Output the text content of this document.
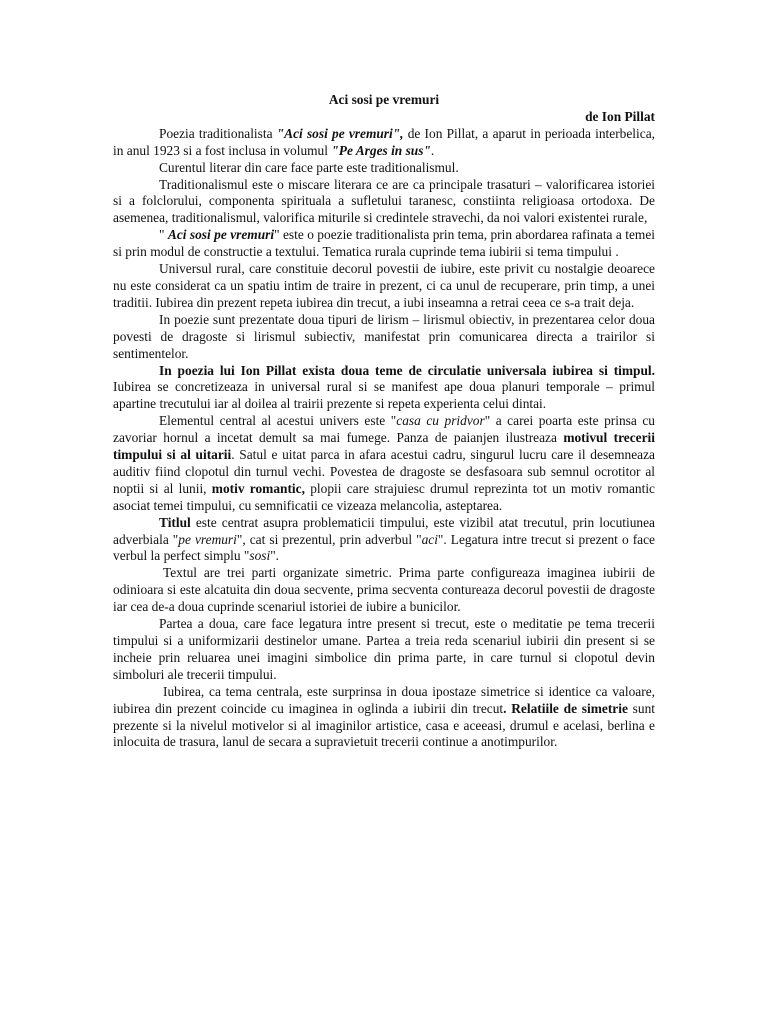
Aci sosi pe vremuri
de Ion Pillat

Poezia traditionalista "Aci sosi pe vremuri", de Ion Pillat, a aparut in perioada interbelica, in anul 1923 si a fost inclusa in volumul "Pe Arges in sus".

Curentul literar din care face parte este traditionalismul.

Traditionalismul este o miscare literara ce are ca principale trasaturi – valorificarea istoriei si a folclorului, componenta spirituala a sufletului taranesc, constiinta religioasa ortodoxa. De asemenea, traditionalismul, valorifica miturile si credintele stravechi, da noi valori existentei rurale,

" Aci sosi pe vremuri" este o poezie traditionalista prin tema, prin abordarea rafinata a temei si prin modul de constructie a textului. Tematica rurala cuprinde tema iubirii si tema timpului .

Universul rural, care constituie decorul povestii de iubire, este privit cu nostalgie deoarece nu este considerat ca un spatiu intim de traire in prezent, ci ca unul de recuperare, prin timp, a unei traditii. Iubirea din prezent repeta iubirea din trecut, a iubi inseamna a retrai ceea ce s-a trait deja.

In poezie sunt prezentate doua tipuri de lirism – lirismul obiectiv, in prezentarea celor doua povesti de dragoste si lirismul subiectiv, manifestat prin comunicarea directa a trairilor si sentimentelor.

In poezia lui Ion Pillat exista doua teme de circulatie universala iubirea si timpul. Iubirea se concretizeaza in universal rural si se manifest ape doua planuri temporale – primul apartine trecutului iar al doilea al trairii prezente si repeta experienta celui dintai.

Elementul central al acestui univers este "casa cu pridvor" a carei poarta este prinsa cu zavoriar hornul a incetat demult sa mai fumege. Panza de paianjen ilustreaza motivul trecerii timpului si al uitarii. Satul e uitat parca in afara acestui cadru, singurul lucru care il desemneaza auditiv fiind clopotul din turnul vechi. Povestea de dragoste se desfasoara sub semnul ocrotitor al noptii si al lunii, motiv romantic, plopii care strajuiesc drumul reprezinta tot un motiv romantic asociat temei timpului, cu semnificatii ce vizeaza melancolia, asteptarea.

Titlul este centrat asupra problematicii timpului, este vizibil atat trecutul, prin locutiunea adverbiala "pe vremuri", cat si prezentul, prin adverbul "aci". Legatura intre trecut si prezent o face verbul la perfect simplu "sosi".

Textul are trei parti organizate simetric. Prima parte configureaza imaginea iubirii de odinioara si este alcatuita din doua secvente, prima secventa contureaza decorul povestii de dragoste iar cea de-a doua cuprinde scenariul istoriei de iubire a bunicilor.

Partea a doua, care face legatura intre present si trecut, este o meditatie pe tema trecerii timpului si a uniformizarii destinelor umane. Partea a treia reda scenariul iubirii din present si se incheie prin reluarea unei imagini simbolice din prima parte, in care turnul si clopotul devin simboluri ale trecerii timpului.

Iubirea, ca tema centrala, este surprinsa in doua ipostaze simetrice si identice ca valoare, iubirea din prezent coincide cu imaginea in oglinda a iubirii din trecut. Relatiile de simetrie sunt prezente si la nivelul motivelor si al imaginilor artistice, casa e aceeasi, drumul e acelasi, berlina e inlocuita de trasura, lanul de secara a supravietuit trecerii continue a anotimpurilor.
